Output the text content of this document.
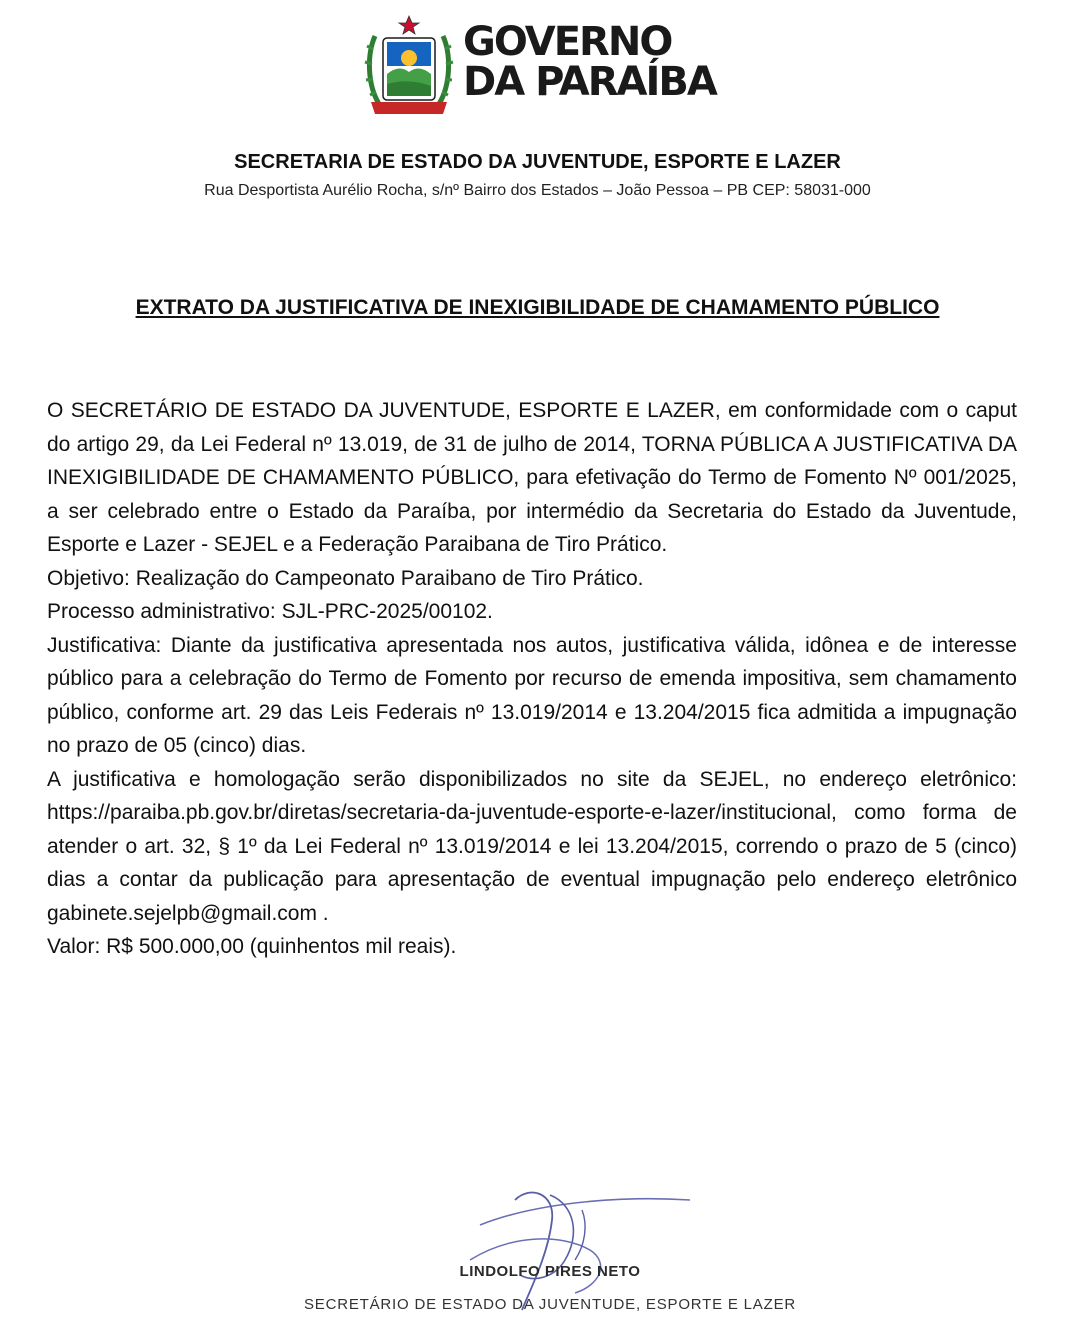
GOVERNO
DA PARAÍBA
SECRETARIA DE ESTADO DA JUVENTUDE, ESPORTE E LAZER
Rua Desportista Aurélio Rocha, s/nº Bairro dos Estados – João Pessoa – PB CEP: 58031-000
EXTRATO DA JUSTIFICATIVA DE INEXIGIBILIDADE DE CHAMAMENTO PÚBLICO

O SECRETÁRIO DE ESTADO DA JUVENTUDE, ESPORTE E LAZER, em conformidade com o caput do artigo 29, da Lei Federal nº 13.019, de 31 de julho de 2014, TORNA PÚBLICA A JUSTIFICATIVA DA INEXIGIBILIDADE DE CHAMAMENTO PÚBLICO, para efetivação do Termo de Fomento Nº 001/2025, a ser celebrado entre o Estado da Paraíba, por intermédio da Secretaria do Estado da Juventude, Esporte e Lazer - SEJEL e a Federação Paraibana de Tiro Prático.

Objetivo: Realização do Campeonato Paraibano de Tiro Prático.

Processo administrativo: SJL-PRC-2025/00102.

Justificativa: Diante da justificativa apresentada nos autos, justificativa válida, idônea e de interesse público para a celebração do Termo de Fomento por recurso de emenda impositiva, sem chamamento público, conforme art. 29 das Leis Federais nº 13.019/2014 e 13.204/2015 fica admitida a impugnação no prazo de 05 (cinco) dias.

A justificativa e homologação serão disponibilizados no site da SEJEL, no endereço eletrônico: https://paraiba.pb.gov.br/diretas/secretaria-da-juventude-esporte-e-lazer/institucional, como forma de atender o art. 32, § 1º da Lei Federal nº 13.019/2014 e lei 13.204/2015, correndo o prazo de 5 (cinco) dias a contar da publicação para apresentação de eventual impugnação pelo endereço eletrônico gabinete.sejelpb@gmail.com .

Valor: R$ 500.000,00 (quinhentos mil reais).

LINDOLFO PIRES NETO
SECRETÁRIO DE ESTADO DA JUVENTUDE, ESPORTE E LAZER
